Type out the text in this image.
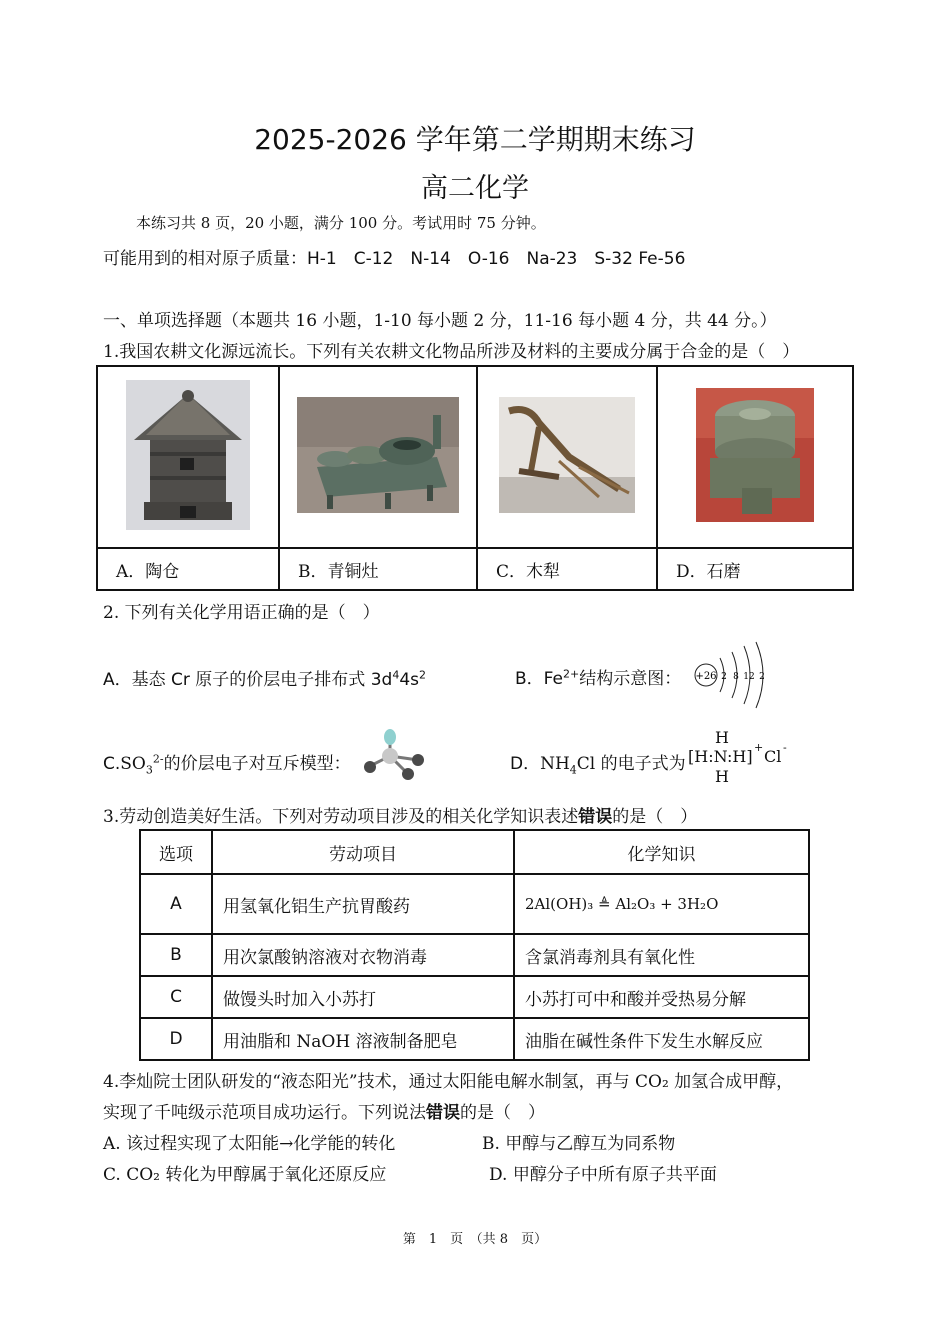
2025-2026 学年第二学期期末练习
高二化学
本练习共 8 页，20 小题，满分 100 分。考试用时 75 分钟。
可能用到的相对原子质量：H-1　C-12　N-14　O-16　Na-23　S-32 Fe-56
一、单项选择题（本题共 16 小题，1-10 每小题 2 分，11-16 每小题 4 分，共 44 分。）
1.我国农耕文化源远流长。下列有关农耕文化物品所涉及材料的主要成分属于合金的是（　）

A．陶仓	B．青铜灶	C．木犁	D．石磨
2. 下列有关化学用语正确的是（　）
A．基态 Cr 原子的价层电子排布式 $3d^44s^2$	B．$Fe^{2+}$结构示意图： +26 2 8 12 2
$C.SO_3^{2-}$的价层电子对互斥模型：	D．$NH_4Cl$ 的电子式为
H
[H:N:H] + Cl -
H
3.劳动创造美好生活。下列对劳动项目涉及的相关化学知识表述错误的是（　）
选项	劳动项目	化学知识
A	用氢氧化铝生产抗胃酸药	2Al(OH)₃ ≜ Al₂O₃ + 3H₂O
B	用次氯酸钠溶液对衣物消毒	含氯消毒剂具有氧化性
C	做馒头时加入小苏打	小苏打可中和酸并受热易分解
D	用油脂和 NaOH 溶液制备肥皂	油脂在碱性条件下发生水解反应
4.李灿院士团队研发的“液态阳光”技术，通过太阳能电解水制氢，再与 CO₂ 加氢合成甲醇，
实现了千吨级示范项目成功运行。下列说法错误的是（　）
A. 该过程实现了太阳能→化学能的转化	B. 甲醇与乙醇互为同系物
C. CO₂ 转化为甲醇属于氧化还原反应	D. 甲醇分子中所有原子共平面
第　1　页　（共 8　页）
